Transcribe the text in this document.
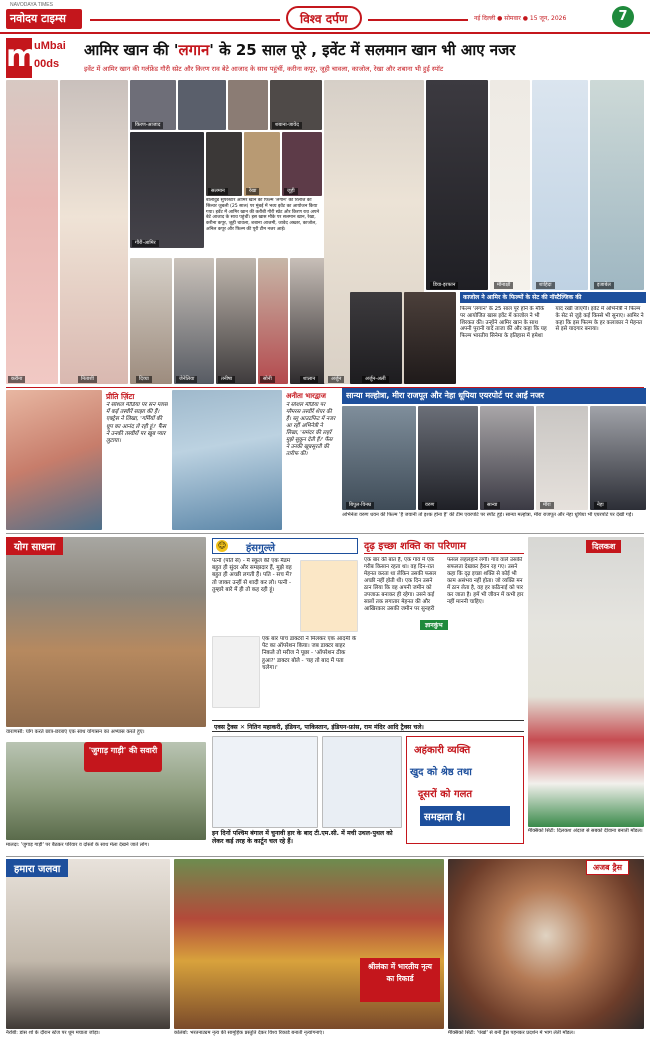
NAVODAYA TIMES
नवोदय टाइम्स	विश्व दर्पण	नई दिल्ली ● सोमवार ● 15 जून, 2026	7
m
uMbai
00ds
आमिर खान की 'लगान' के 25 साल पूरे , इवेंट में सलमान खान भी आए नजर
इवेंट में आमिर खान की गर्लफ्रेंड गौरी स्प्रेट और किरण राव बेटे आजाद के साथ पहुंचीं, करीना कपूर, जूही चावला, काजोल, रेखा और शबाना भी हुईं स्पॉट
किरण-आजाद	शबाना-जावेद
गौरी-आमिर
सलमान	रेखा	जूही
बॉलीवुड सुपरस्टार आमिर खान की फिल्म 'लगान' की रिलीज को सिल्वर जुबली (25 साल) पर मुंबई में भव्य इवेंट का आयोजन किया गया। इवेंट में आमिर खान की करीबी गौरी स्प्रेट और किरण राव अपने बेटे आजाद के साथ पहुंचीं। इस खास मौके पर सलमान खान, रेखा, करीना कपूर, जूही चावला, शबाना आजमी, जावेद अख्तर, काजोल, अनिल कपूर और फिल्म की पूरी टीम नजर आई।
करीना	निताशी	दिव्या	जेनेलिया	तनीषा	सोनी	शालान
डिया-इरफान	मीनाक्षी	शाहिदा	इजाबेल
अर्जुन	अर्जुन-अली
काजोल ने आमिर के फिल्मों के सेट की नॉस्टैल्जिक की
फिल्म 'लगान' के 25 साल पूरे होने के मौके पर आयोजित खास इवेंट में काजोल ने भी शिरकत की। उन्होंने आमिर खान के साथ अपनी पुरानी यादें ताजा कीं और कहा कि यह फिल्म भारतीय सिनेमा के इतिहास में हमेशा याद रखी जाएगी। इवेंट में अभिनेत्री ने फिल्म के सेट से जुड़े कई किस्से भी सुनाए। आमिर ने कहा कि इस फिल्म के हर कलाकार ने मेहनत से इसे यादगार बनाया।
प्रीति ज़िंटा
ने सोशल मीडिया पर सन ग्लास में कई तस्वीरें साझा की हैं। एक्ट्रेस ने लिखा, 'गर्मियों की धूप का आनंद ले रही हूं।' फैंस ने उनकी तस्वीरों पर खूब प्यार लुटाया।
अनीता भारद्वाज
ने सोशल मीडिया पर ग्लैमरस तस्वीरें शेयर की हैं। ब्लू आउटफिट में नजर आ रहीं अभिनेत्री ने लिखा, 'समंदर की लहरें मुझे सुकून देती हैं।' फैंस ने उनकी खूबसूरती की तारीफ की।
सान्या मल्होत्रा, मीरा राजपूत और नेहा धूपिया एयरपोर्ट पर आईं नजर
बिपुल-विनम्र	वरुण	सान्या	मीरा	नेहा
अभिनेता वरुण धवन की फिल्म 'है जवानी तो इश्क होना है' की टीम एयरपोर्ट पर स्पॉट हुई। सान्या मल्होत्रा, मीरा राजपूत और नेहा धूपिया भी एयरपोर्ट पर देखी गईं।
योग साधना
वाराणसी: योग करते छात्र-छात्राएं एक साथ योगासन का अभ्यास करते हुए।
'जुगाड़ गाड़ी' की सवारी
मालदा: 'जुगाड़ गाड़ी' पर बैठकर परिवार व दोस्तों के साथ मेला देखने जाते लोग।
☺ हंसगुल्ले
पत्नी (पति से) - मैं स्कूल की एक मैडम बहुत ही सुंदर और समझदार हैं, मुझे वह बहुत ही अच्छी लगती हैं। पति - सच में? तो जाकर उन्हीं से शादी कर लो। पत्नी - तुम्हारे बारे में ही तो कह रही हूं।
एक बार पांच डाक्टरों ने मिलकर एक आदमी के पेट का ऑपरेशन किया। जब डाक्टर बाहर निकले तो मरीज ने पूछा - 'ऑपरेशन ठीक हुआ?' डाक्टर बोले - 'यह तो बाद में पता चलेगा।'
दृढ़ इच्छा शक्ति का परिणाम
एक बार की बात है, एक गांव में एक गरीब किसान रहता था। वह दिन-रात मेहनत करता था लेकिन उसकी फसल अच्छी नहीं होती थी। एक दिन उसने ठान लिया कि वह अपनी जमीन को उपजाऊ बनाकर ही रहेगा। उसने कई सालों तक लगातार मेहनत की और आखिरकार उसकी जमीन पर सुनहरी फसल लहलहाने लगी। गांव वाले उसकी सफलता देखकर हैरान रह गए। उसने कहा कि दृढ़ इच्छा शक्ति से कोई भी काम असंभव नहीं होता। जो व्यक्ति मन में ठान लेता है, वह हर कठिनाई को पार कर जाता है। हमें भी जीवन में कभी हार नहीं माननी चाहिए।
ज्ञानकुंभ
दिलकश
मैक्सिको सिटी: दिलकश अंदाज से सबको दीवाना बनाती मॉडल।
एक्स ट्रैक्स ✕ नितिन महाकरी, इंडियन, पाकिस्तान, इंडियन-फ्रांस, राम मंदिर आदि ट्रैक्स चले।
इन दिनों पश्चिम बंगाल में चुनावी हार के बाद टी.एम.सी. में मची उथल-पुथल को लेकर कई तरह के कार्टून चल रहे हैं।
अहंकारी व्यक्ति
खुद को श्रेष्ठ तथा
दूसरों को गलत
समझता है।
हमारा जलवा
नैरोबी: डांस शो के दौरान स्टेज पर धूम मचाता जोड़ा।
श्रीलंका में भारतीय नृत्य का रिकार्ड
कोलंबो: भरतनाट्यम नृत्य की सामूहिक प्रस्तुति देकर विश्व रिकार्ड बनाती नृत्यांगनाएं।
अजब ड्रैस
मैक्सिको सिटी: 'पंखों' से बनी ड्रैस पहनकर प्रदर्शन में भाग लेती मॉडल।
